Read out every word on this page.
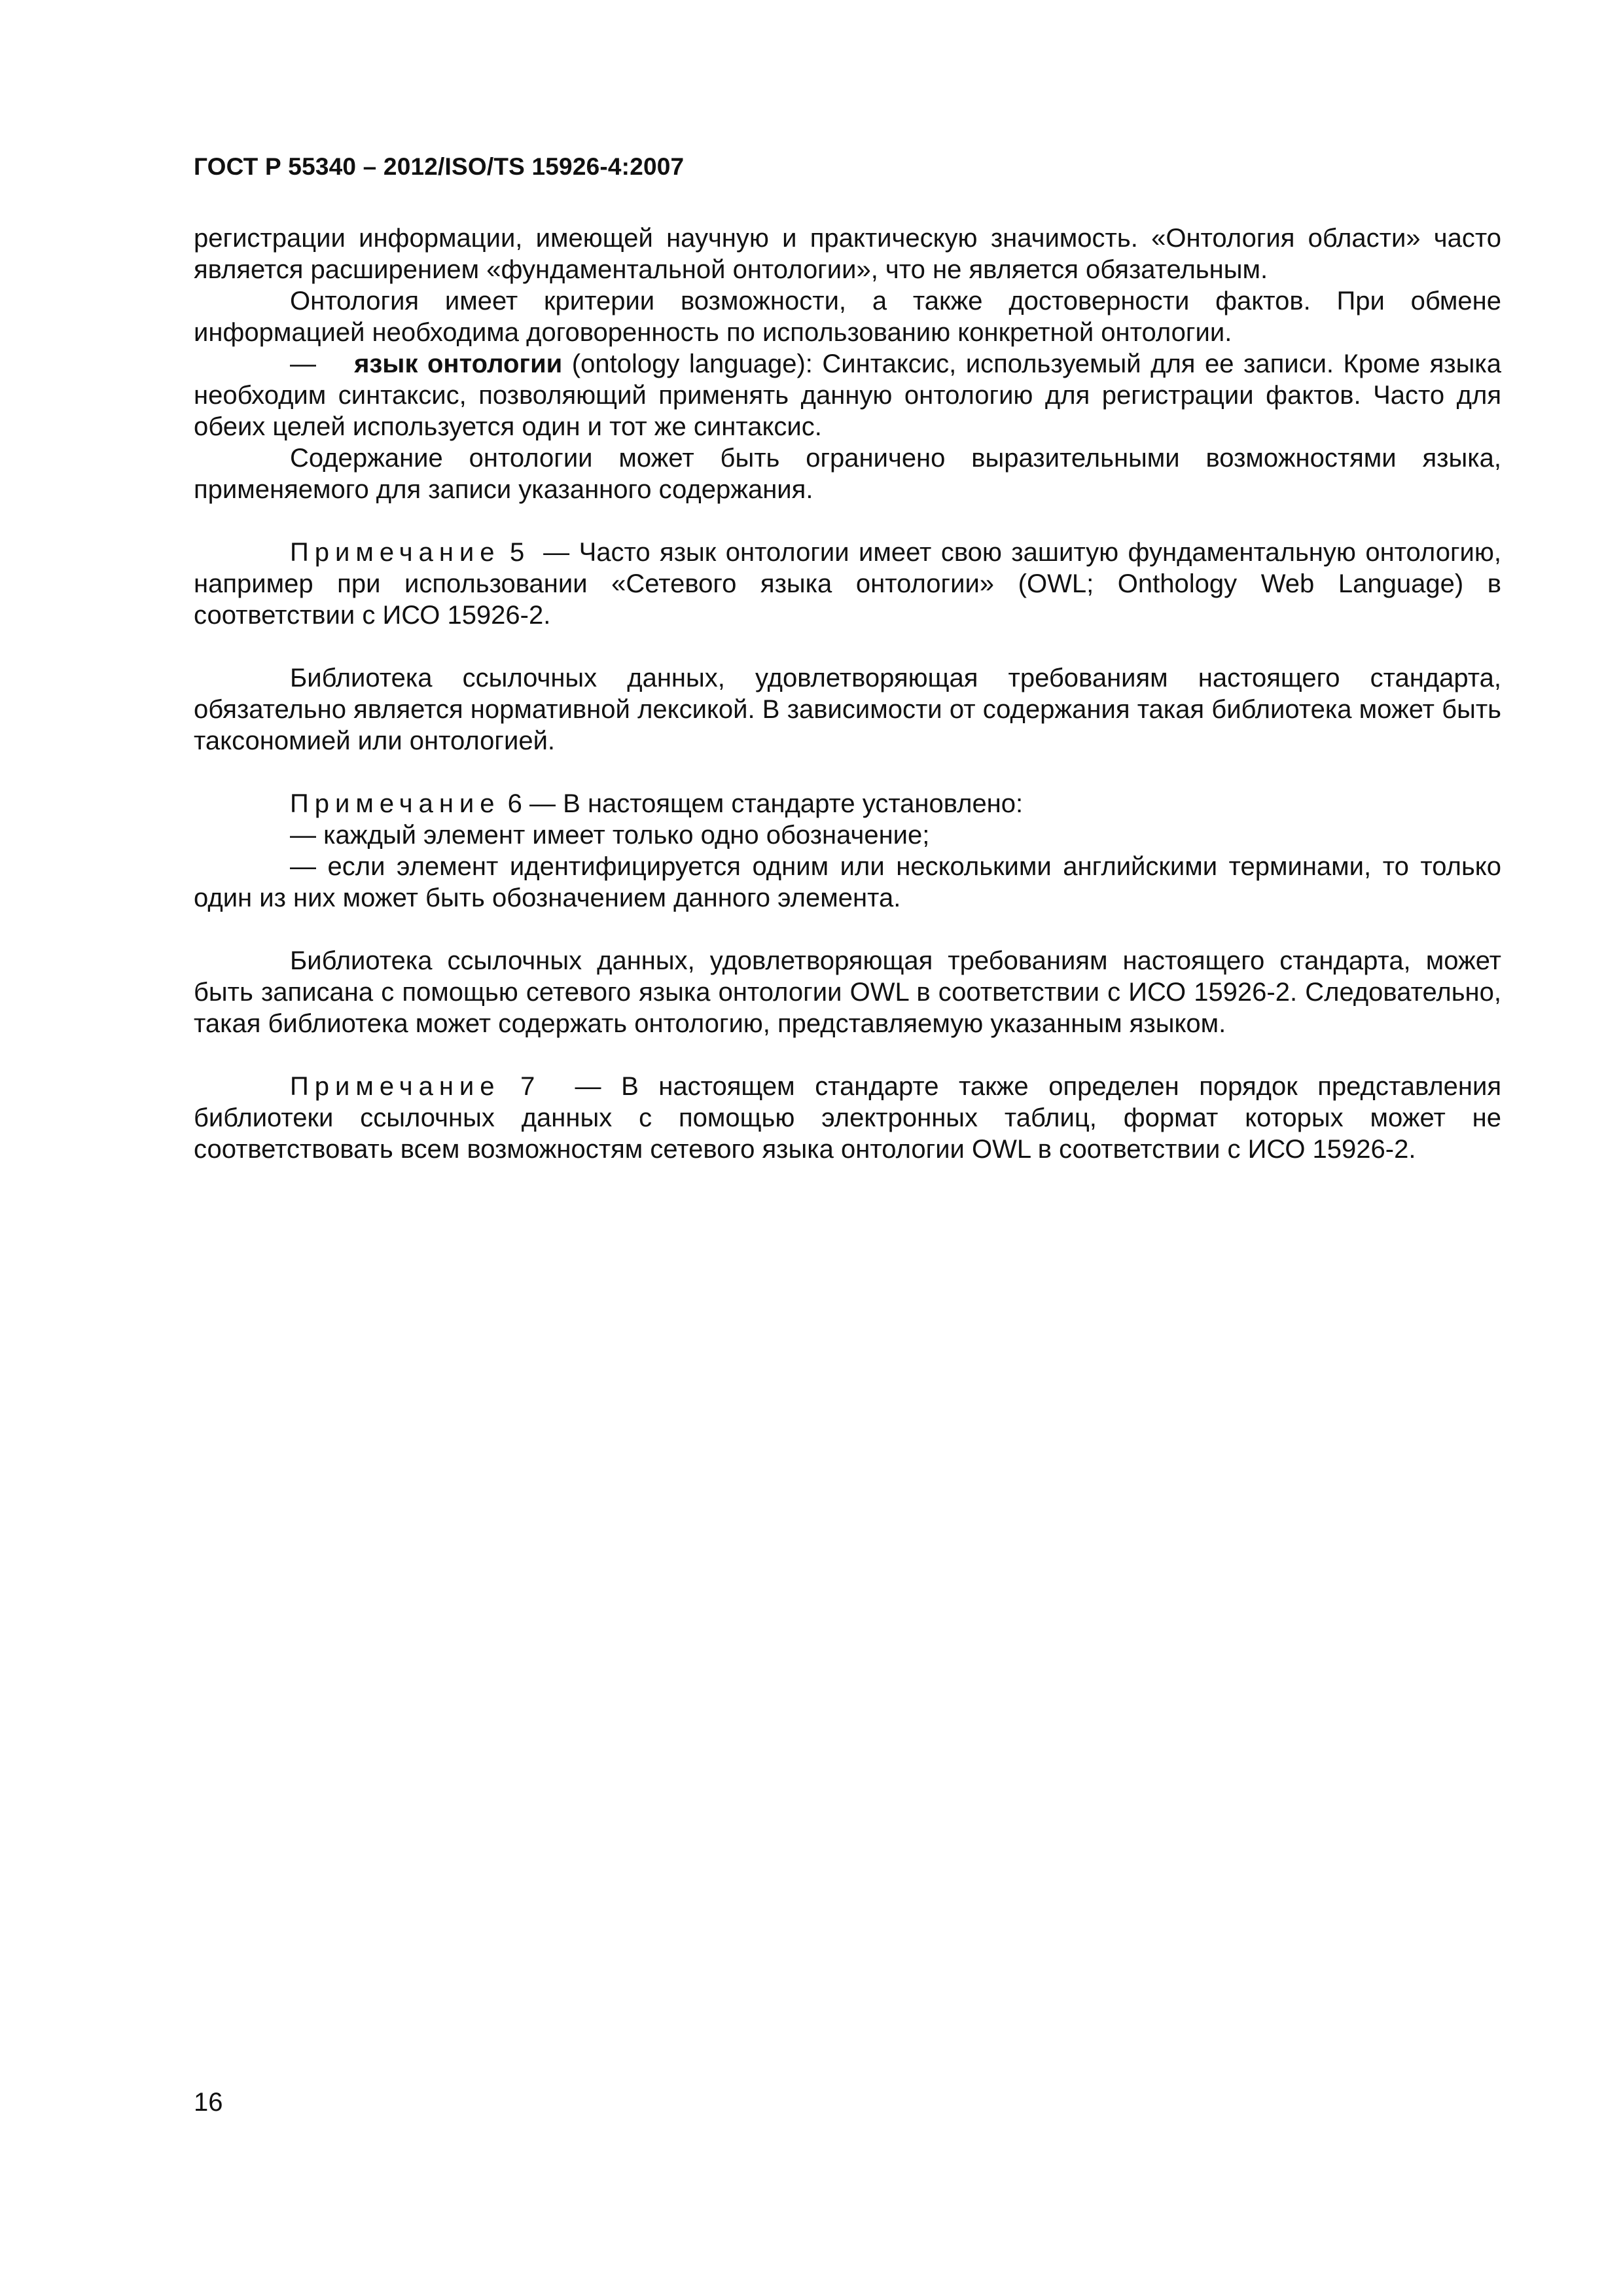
ГОСТ Р 55340 – 2012/ISO/TS 15926-4:2007

регистрации информации, имеющей научную и практическую значимость. «Онтология области» часто является расширением «фундаментальной онтологии», что не является обязательным.

Онтология имеет критерии возможности, а также достоверности фактов. При обмене информацией необходима договоренность по использованию конкретной онтологии.

— язык онтологии (ontology language): Синтаксис, используемый для ее записи. Кроме языка необходим синтаксис, позволяющий применять данную онтологию для регистрации фактов. Часто для обеих целей используется один и тот же синтаксис.

Содержание онтологии может быть ограничено выразительными возможностями языка, применяемого для записи указанного содержания.

Примечание 5 — Часто язык онтологии имеет свою зашитую фундаментальную онтологию, например при использовании «Сетевого языка онтологии» (OWL; Onthology Web Language) в соответствии с ИСО 15926-2.

Библиотека ссылочных данных, удовлетворяющая требованиям настоящего стандарта, обязательно является нормативной лексикой. В зависимости от содержания такая библиотека может быть таксономией или онтологией.

Примечание 6 — В настоящем стандарте установлено:

— каждый элемент имеет только одно обозначение;

— если элемент идентифицируется одним или несколькими английскими терминами, то только один из них может быть обозначением данного элемента.

Библиотека ссылочных данных, удовлетворяющая требованиям настоящего стандарта, может быть записана с помощью сетевого языка онтологии OWL в соответствии с ИСО 15926-2. Следовательно, такая библиотека может содержать онтологию, представляемую указанным языком.

Примечание 7 — В настоящем стандарте также определен порядок представления библиотеки ссылочных данных с помощью электронных таблиц, формат которых может не соответствовать всем возможностям сетевого языка онтологии OWL в соответствии с ИСО 15926-2.

16
